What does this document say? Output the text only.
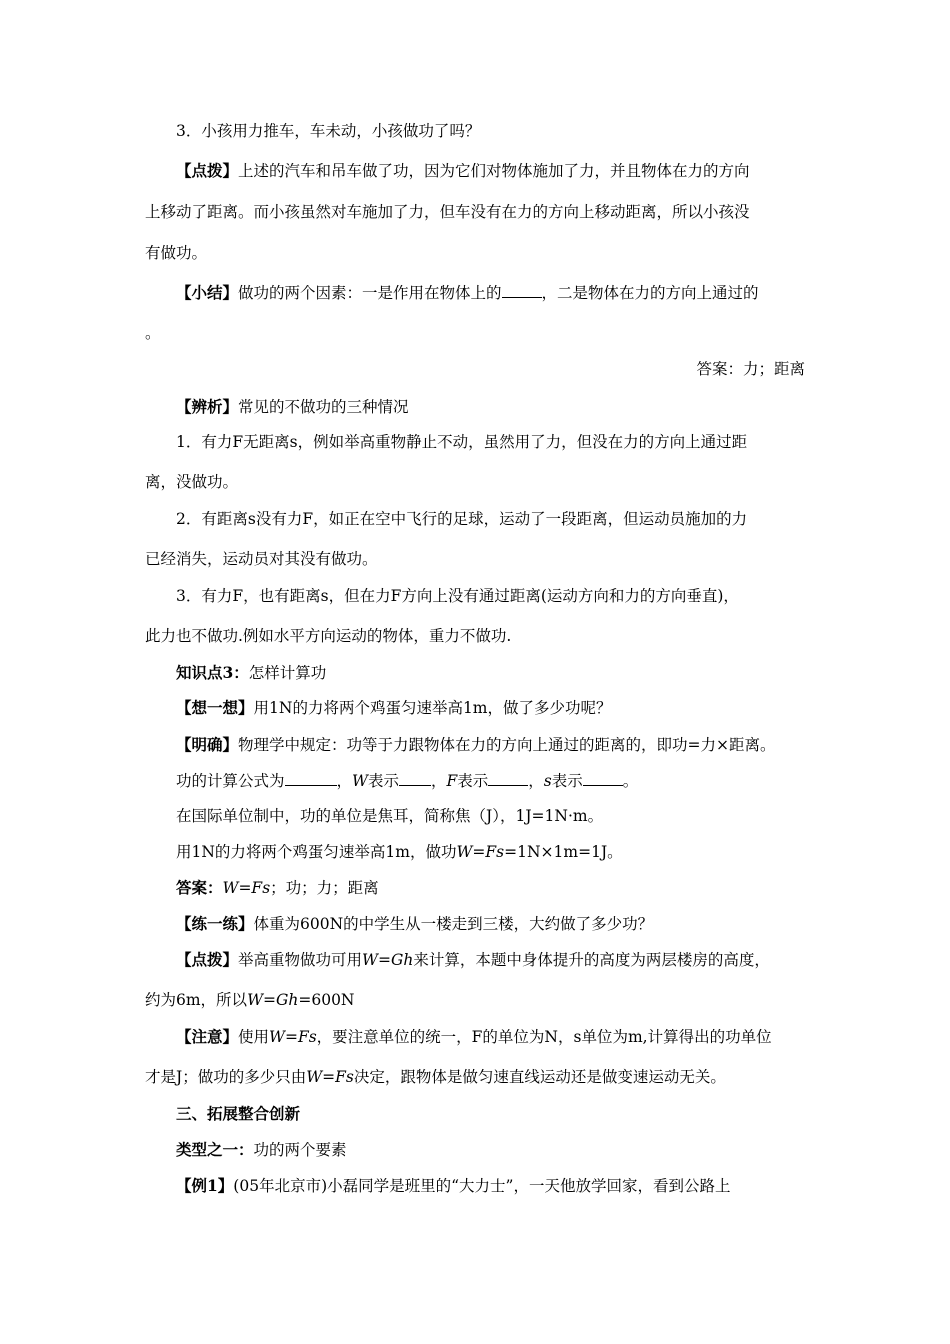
3．小孩用力推车，车未动，小孩做功了吗？
【点拨】上述的汽车和吊车做了功，因为它们对物体施加了力，并且物体在力的方向
上移动了距离。而小孩虽然对车施加了力，但车没有在力的方向上移动距离，所以小孩没
有做功。
【小结】做功的两个因素：一是作用在物体上的	，二是物体在力的方向上通过的
。
答案：力；距离
【辨析】常见的不做功的三种情况
1．有力F无距离s，例如举高重物静止不动，虽然用了力，但没在力的方向上通过距
离，没做功。
2．有距离s没有力F，如正在空中飞行的足球，运动了一段距离，但运动员施加的力
已经消失，运动员对其没有做功。
3．有力F，也有距离s，但在力F方向上没有通过距离(运动方向和力的方向垂直)，
此力也不做功.例如水平方向运动的物体，重力不做功.
知识点3：怎样计算功
【想一想】用1N的力将两个鸡蛋匀速举高1m，做了多少功呢？
【明确】物理学中规定：功等于力跟物体在力的方向上通过的距离的，即功=力×距离。
功的计算公式为	，W表示 ，F表示	，s表示	。
在国际单位制中，功的单位是焦耳，简称焦（J），1J=1N·m。
用1N的力将两个鸡蛋匀速举高1m，做功W=Fs=1N×1m=1J。
答案：W=Fs；功；力；距离
【练一练】体重为600N的中学生从一楼走到三楼，大约做了多少功？
【点拨】举高重物做功可用W=Gh来计算，本题中身体提升的高度为两层楼房的高度，
约为6m，所以W=Gh=600N
【注意】使用W=Fs，要注意单位的统一，F的单位为N，s单位为m,计算得出的功单位
才是J；做功的多少只由W=Fs决定，跟物体是做匀速直线运动还是做变速运动无关。
三、拓展整合创新
类型之一：功的两个要素
【例1】(05年北京市)小磊同学是班里的“大力士”，一天他放学回家，看到公路上
